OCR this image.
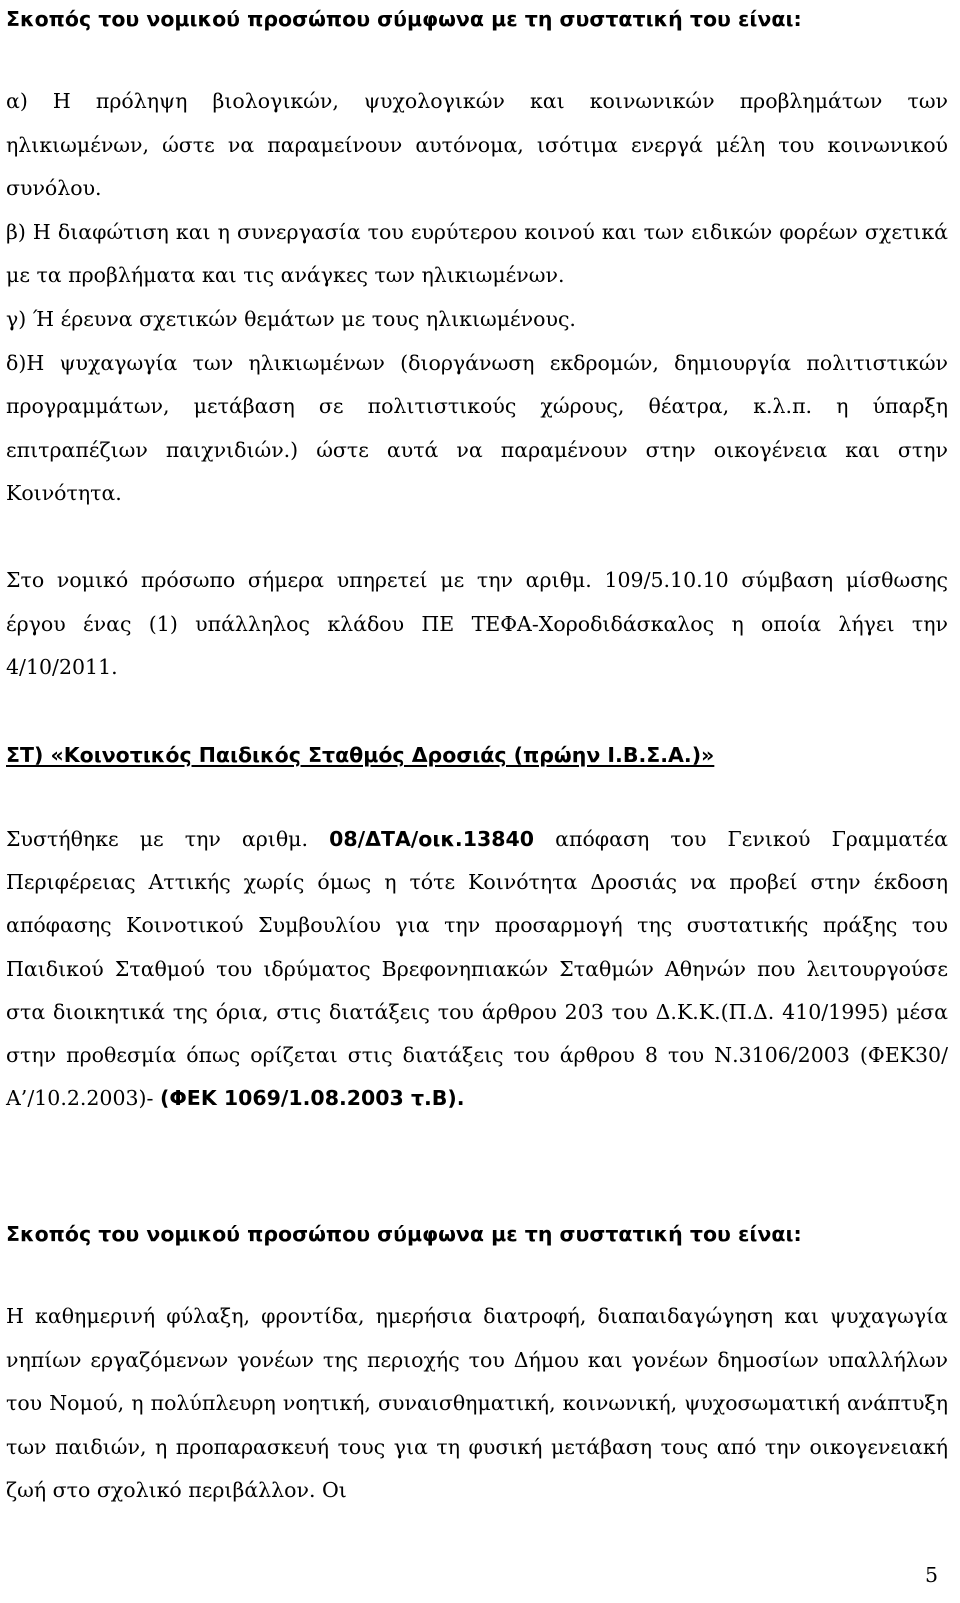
Σκοπός του νομικού προσώπου σύμφωνα με τη συστατική του είναι:

α) Η πρόληψη βιολογικών, ψυχολογικών και κοινωνικών προβλημάτων των ηλικιωμένων, ώστε να παραμείνουν αυτόνομα, ισότιμα ενεργά μέλη του κοινωνικού συνόλου.

β) Η διαφώτιση και η συνεργασία του ευρύτερου κοινού και των ειδικών φορέων σχετικά με τα προβλήματα και τις ανάγκες των ηλικιωμένων.

γ) Ή έρευνα σχετικών θεμάτων με τους ηλικιωμένους.

δ)Η ψυχαγωγία των ηλικιωμένων (διοργάνωση εκδρομών, δημιουργία πολιτιστικών προγραμμάτων, μετάβαση σε πολιτιστικούς χώρους, θέατρα, κ.λ.π. η ύπαρξη επιτραπέζιων παιχνιδιών.) ώστε αυτά να παραμένουν στην οικογένεια και στην Κοινότητα.

Στο νομικό πρόσωπο σήμερα υπηρετεί με την αριθμ. 109/5.10.10 σύμβαση μίσθωσης έργου ένας (1) υπάλληλος κλάδου ΠΕ ΤΕΦΑ-Χοροδιδάσκαλος η οποία λήγει την 4/10/2011.

ΣΤ) «Κοινοτικός Παιδικός Σταθμός Δροσιάς (πρώην Ι.Β.Σ.Α.)»

Συστήθηκε με την αριθμ. 08/ΔΤΑ/οικ.13840 απόφαση του Γενικού Γραμματέα Περιφέρειας Αττικής χωρίς όμως η τότε Κοινότητα Δροσιάς να προβεί στην έκδοση απόφασης Κοινοτικού Συμβουλίου για την προσαρμογή της συστατικής πράξης του Παιδικού Σταθμού του ιδρύματος Βρεφονηπιακών Σταθμών Αθηνών που λειτουργούσε στα διοικητικά της όρια, στις διατάξεις του άρθρου 203 του Δ.Κ.Κ.(Π.Δ. 410/1995) μέσα στην προθεσμία όπως ορίζεται στις διατάξεις του άρθρου 8 του Ν.3106/2003 (ΦΕΚ30/Α’/10.2.2003)- (ΦΕΚ 1069/1.08.2003 τ.Β).

Σκοπός του νομικού προσώπου σύμφωνα με τη συστατική του είναι:

Η καθημερινή φύλαξη, φροντίδα, ημερήσια διατροφή, διαπαιδαγώγηση και ψυχαγωγία νηπίων εργαζόμενων γονέων της περιοχής του Δήμου και γονέων δημοσίων υπαλλήλων του Νομού, η πολύπλευρη νοητική, συναισθηματική, κοινωνική, ψυχοσωματική ανάπτυξη των παιδιών, η προπαρασκευή τους για τη φυσική μετάβαση τους από την οικογενειακή ζωή στο σχολικό περιβάλλον. Οι

5
